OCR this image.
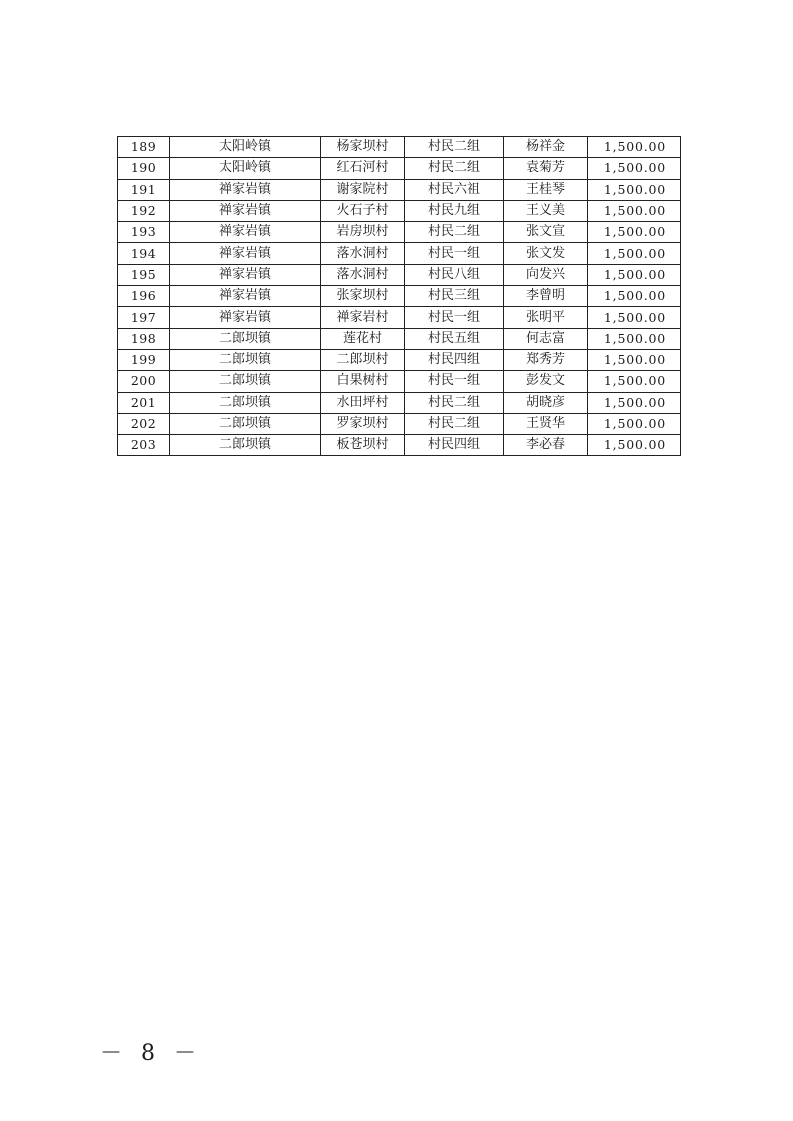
189	太阳岭镇	杨家坝村	村民二组	杨祥金	1,500.00
190	太阳岭镇	红石河村	村民二组	袁菊芳	1,500.00
191	禅家岩镇	谢家院村	村民六祖	王桂琴	1,500.00
192	禅家岩镇	火石子村	村民九组	王义美	1,500.00
193	禅家岩镇	岩房坝村	村民二组	张文宣	1,500.00
194	禅家岩镇	落水洞村	村民一组	张文发	1,500.00
195	禅家岩镇	落水洞村	村民八组	向发兴	1,500.00
196	禅家岩镇	张家坝村	村民三组	李曾明	1,500.00
197	禅家岩镇	禅家岩村	村民一组	张明平	1,500.00
198	二郎坝镇	莲花村	村民五组	何志富	1,500.00
199	二郎坝镇	二郎坝村	村民四组	郑秀芳	1,500.00
200	二郎坝镇	白果树村	村民一组	彭发文	1,500.00
201	二郎坝镇	水田坪村	村民二组	胡晓彦	1,500.00
202	二郎坝镇	罗家坝村	村民二组	王贤华	1,500.00
203	二郎坝镇	板苍坝村	村民四组	李必春	1,500.00
－ 8 －
